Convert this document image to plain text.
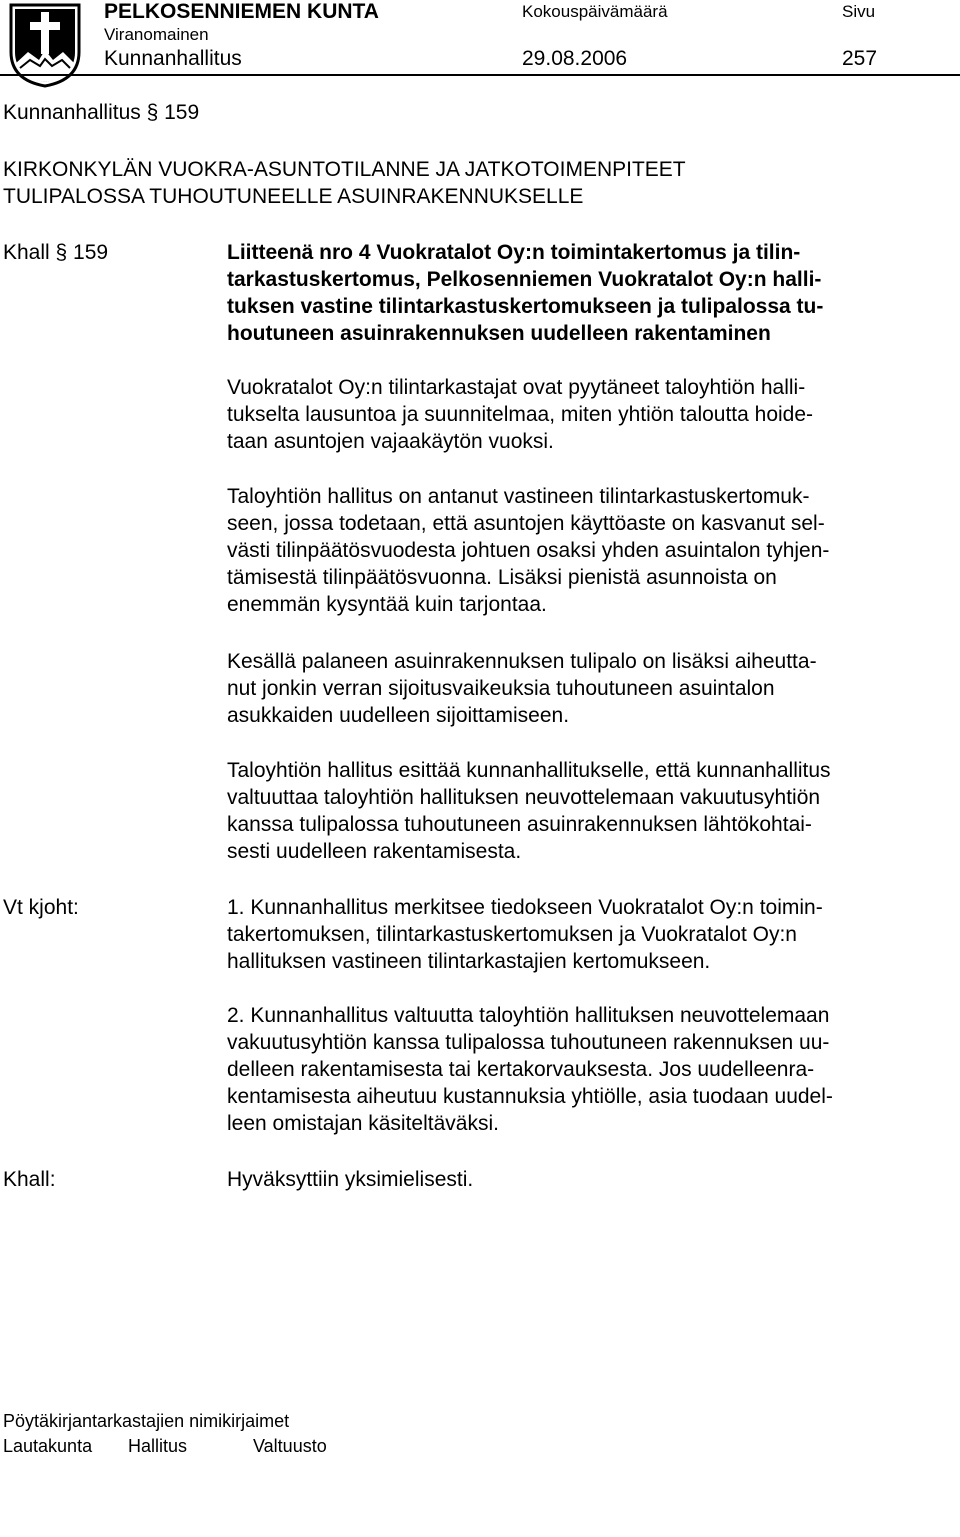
PELKOSENNIEMEN KUNTA
Viranomainen
Kunnanhallitus
Kokouspäivämäärä
29.08.2006
Sivu
257
Kunnanhallitus § 159
KIRKONKYLÄN VUOKRA-ASUNTOTILANNE JA JATKOTOIMENPITEET
TULIPALOSSA TUHOUTUNEELLE ASUINRAKENNUKSELLE
Khall § 159	Liitteenä nro 4 Vuokratalot Oy:n toimintakertomus ja tilin-
tarkastuskertomus, Pelkosenniemen Vuokratalot Oy:n halli-
tuksen vastine tilintarkastuskertomukseen ja tulipalossa tu-
houtuneen asuinrakennuksen uudelleen rakentaminen
Vuokratalot Oy:n tilintarkastajat ovat pyytäneet taloyhtiön halli-
tukselta lausuntoa ja suunnitelmaa, miten yhtiön taloutta hoide-
taan asuntojen vajaakäytön vuoksi.
Taloyhtiön hallitus on antanut vastineen tilintarkastuskertomuk-
seen, jossa todetaan, että asuntojen käyttöaste on kasvanut sel-
västi tilinpäätösvuodesta johtuen osaksi yhden asuintalon tyhjen-
tämisestä tilinpäätösvuonna. Lisäksi pienistä asunnoista on
enemmän kysyntää kuin tarjontaa.
Kesällä palaneen asuinrakennuksen tulipalo on lisäksi aiheutta-
nut jonkin verran sijoitusvaikeuksia tuhoutuneen asuintalon
asukkaiden uudelleen sijoittamiseen.
Taloyhtiön hallitus esittää kunnanhallitukselle, että kunnanhallitus
valtuuttaa taloyhtiön hallituksen neuvottelemaan vakuutusyhtiön
kanssa tulipalossa tuhoutuneen asuinrakennuksen lähtökohtai-
sesti uudelleen rakentamisesta.
Vt kjoht:	1. Kunnanhallitus merkitsee tiedokseen Vuokratalot Oy:n toimin-
takertomuksen, tilintarkastuskertomuksen ja Vuokratalot Oy:n
hallituksen vastineen tilintarkastajien kertomukseen.
2. Kunnanhallitus valtuutta taloyhtiön hallituksen neuvottelemaan
vakuutusyhtiön kanssa tulipalossa tuhoutuneen rakennuksen uu-
delleen rakentamisesta tai kertakorvauksesta. Jos uudelleenra-
kentamisesta aiheutuu kustannuksia yhtiölle, asia tuodaan uudel-
leen omistajan käsiteltäväksi.
Khall:	Hyväksyttiin yksimielisesti.
Pöytäkirjantarkastajien nimikirjaimet
Lautakunta Hallitus	Valtuusto
